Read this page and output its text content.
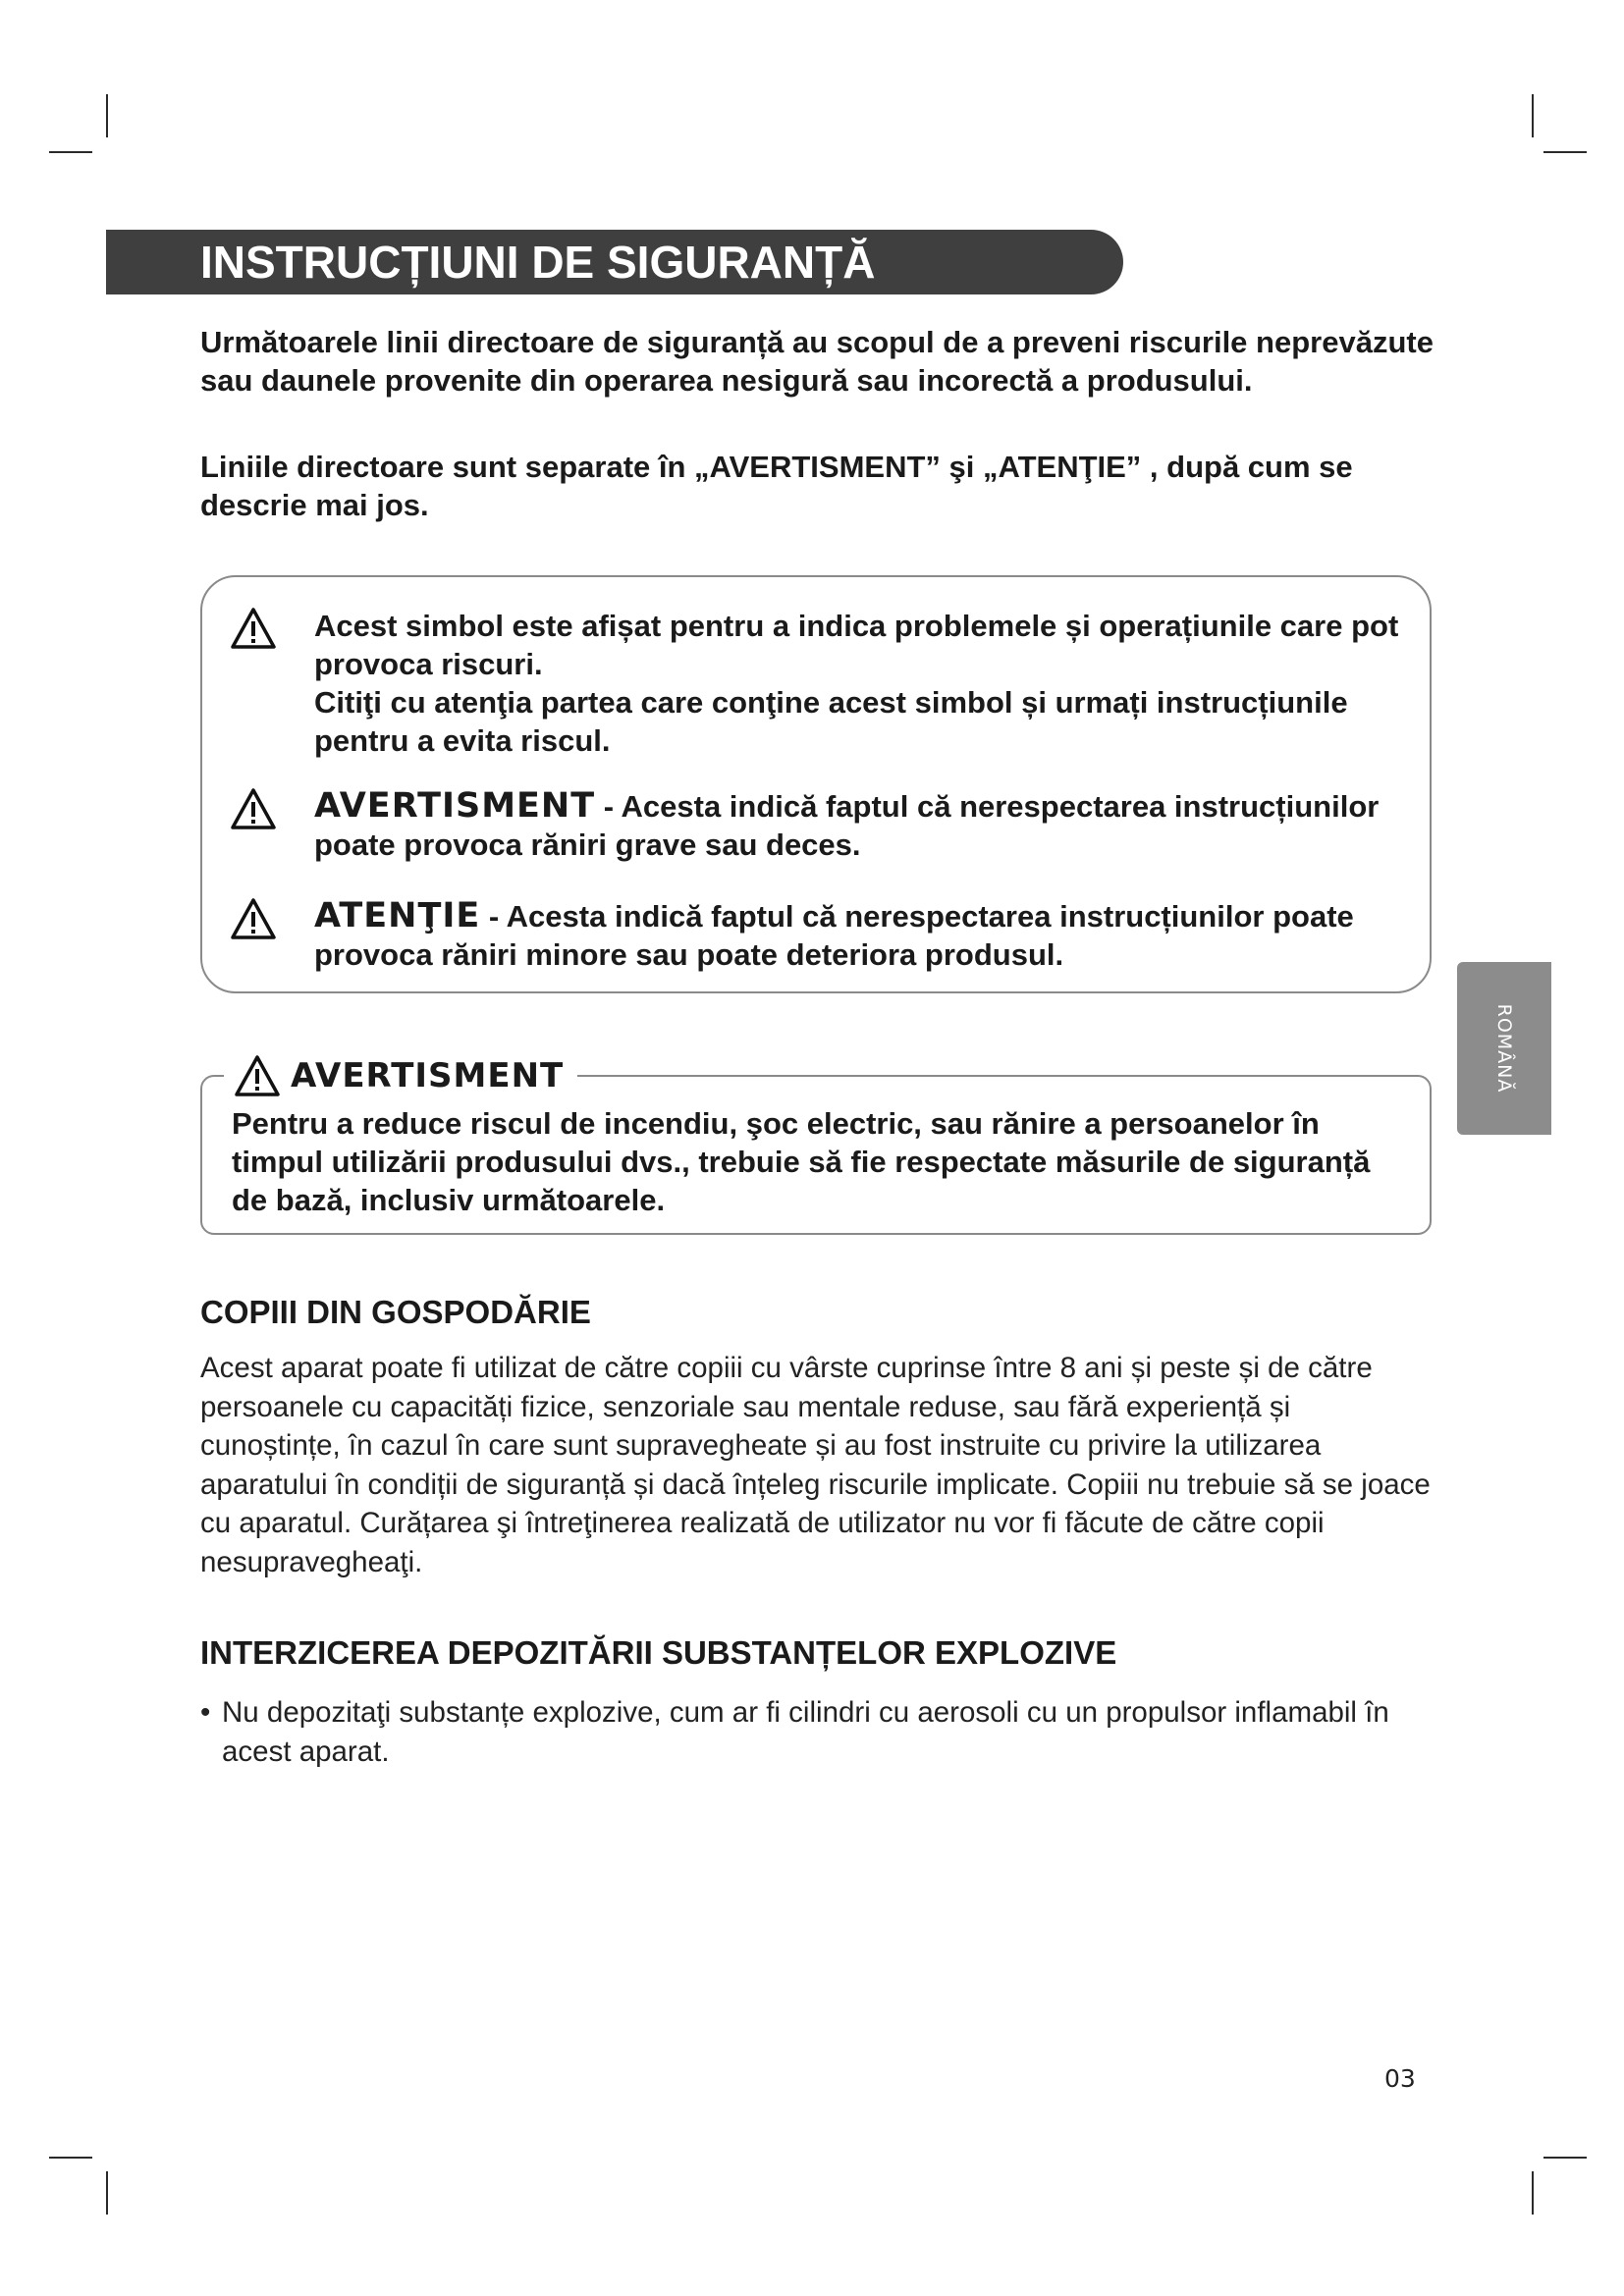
INSTRUCȚIUNI DE SIGURANȚĂ

Următoarele linii directoare de siguranță au scopul de a preveni riscurile neprevăzute sau daunele provenite din operarea nesigură sau incorectă a produsului.

Liniile directoare sunt separate în „AVERTISMENT” şi „ATENŢIE” , după cum se descrie mai jos.

Acest simbol este afișat pentru a indica problemele și operațiunile care pot provoca riscuri.

Citiţi cu atenţia partea care conţine acest simbol și urmați instrucțiunile pentru a evita riscul.

AVERTISMENT - Acesta indică faptul că nerespectarea instrucțiunilor poate provoca răniri grave sau deces.
ATENŢIE - Acesta indică faptul că nerespectarea instrucțiunilor poate provoca răniri minore sau poate deteriora produsul.
AVERTISMENT

Pentru a reduce riscul de incendiu, şoc electric, sau rănire a persoanelor în timpul utilizării produsului dvs., trebuie să fie respectate măsurile de siguranță de bază, inclusiv următoarele.

COPIII DIN GOSPODĂRIE

Acest aparat poate fi utilizat de către copiii cu vârste cuprinse între 8 ani și peste și de către persoanele cu capacități fizice, senzoriale sau mentale reduse, sau fără experiență și cunoștințe, în cazul în care sunt supravegheate și au fost instruite cu privire la utilizarea aparatului în condiții de siguranță și dacă înțeleg riscurile implicate. Copiii nu trebuie să se joace cu aparatul. Curățarea şi întreţinerea realizată de utilizator nu vor fi făcute de către copii nesupravegheaţi.

INTERZICEREA DEPOZITĂRII SUBSTANȚELOR EXPLOZIVE
• Nu depozitaţi substanțe explozive, cum ar fi cilindri cu aerosoli cu un propulsor inflamabil în acest aparat.
ROMÂNĂ
03
